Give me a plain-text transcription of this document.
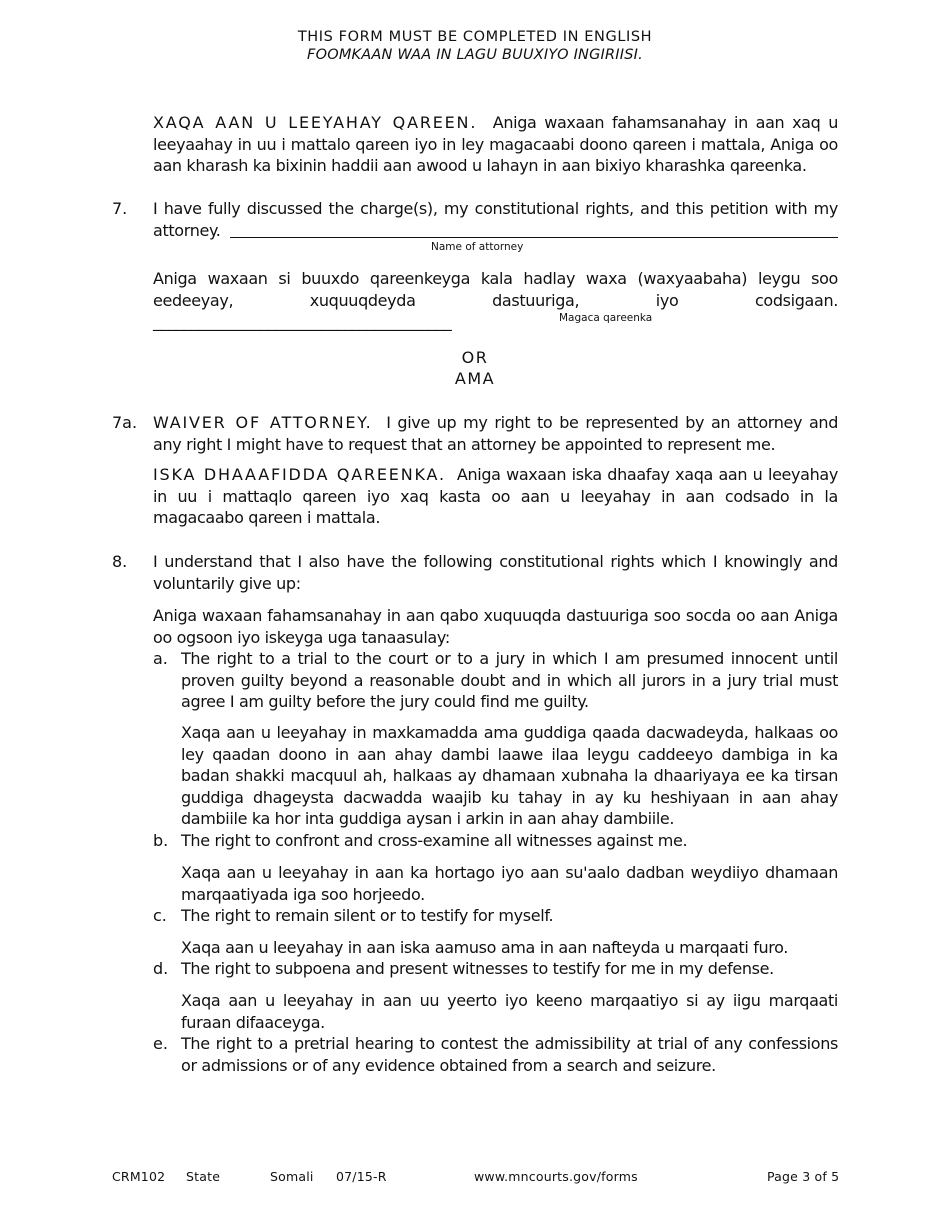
THIS FORM MUST BE COMPLETED IN ENGLISH
FOOMKAAN WAA IN LAGU BUUXIYO INGIRIISI.
XAQA AAN U LEEYAHAY QAREEN. Aniga waxaan fahamsanahay in aan xaq u leeyaahay in uu i mattalo qareen iyo in ley magacaabi doono qareen i mattala, Aniga oo aan kharash ka bixinin haddii aan awood u lahayn in aan bixiyo kharashka qareenka.
7. I have fully discussed the charge(s), my constitutional rights, and this petition with my attorney.
Name of attorney
Aniga waxaan si buuxdo qareenkeyga kala hadlay waxa (waxyaabaha) leygu soo eedeeyay, xuquuqdeyda dastuuriga, iyo codsigaan. _______________________________________	Magaca qareenka
OR
AMA
7a. WAIVER OF ATTORNEY. I give up my right to be represented by an attorney and any right I might have to request that an attorney be appointed to represent me.
ISKA DHAAAFIDDA QAREENKA. Aniga waxaan iska dhaafay xaqa aan u leeyahay in uu i mattaqlo qareen iyo xaq kasta oo aan u leeyahay in aan codsado in la magacaabo qareen i mattala.
8. I understand that I also have the following constitutional rights which I knowingly and voluntarily give up:
Aniga waxaan fahamsanahay in aan qabo xuquuqda dastuuriga soo socda oo aan Aniga oo ogsoon iyo iskeyga uga tanaasulay:
a. The right to a trial to the court or to a jury in which I am presumed innocent until proven guilty beyond a reasonable doubt and in which all jurors in a jury trial must agree I am guilty before the jury could find me guilty.
Xaqa aan u leeyahay in maxkamadda ama guddiga qaada dacwadeyda, halkaas oo ley qaadan doono in aan ahay dambi laawe ilaa leygu caddeeyo dambiga in ka badan shakki macquul ah, halkaas ay dhamaan xubnaha la dhaariyaya ee ka tirsan guddiga dhageysta dacwadda waajib ku tahay in ay ku heshiyaan in aan ahay dambiile ka hor inta guddiga aysan i arkin in aan ahay dambiile.
b. The right to confront and cross-examine all witnesses against me.
Xaqa aan u leeyahay in aan ka hortago iyo aan su'aalo dadban weydiiyo dhamaan marqaatiyada iga soo horjeedo.
c. The right to remain silent or to testify for myself.
Xaqa aan u leeyahay in aan iska aamuso ama in aan nafteyda u marqaati furo.
d. The right to subpoena and present witnesses to testify for me in my defense.
Xaqa aan u leeyahay in aan uu yeerto iyo keeno marqaatiyo si ay iigu marqaati furaan difaaceyga.
e. The right to a pretrial hearing to contest the admissibility at trial of any confessions or admissions or of any evidence obtained from a search and seizure.
CRM102 State	Somali 07/15-R	www.mncourts.gov/forms	Page 3 of 5
